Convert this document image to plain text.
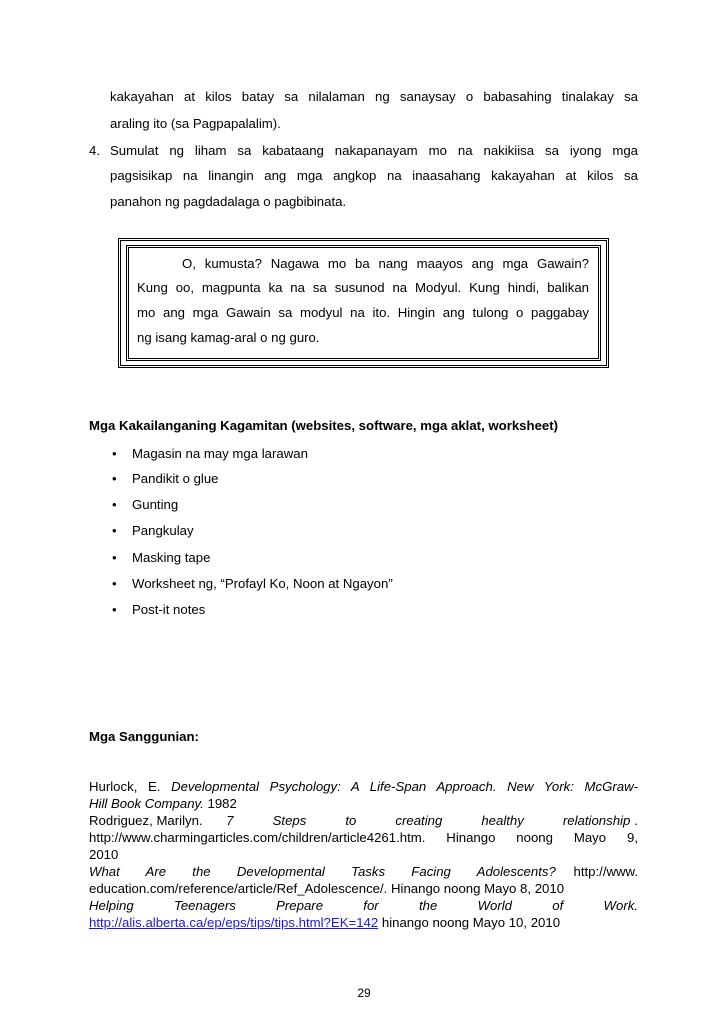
kakayahan at kilos batay sa nilalaman ng sanaysay o babasahing tinalakay sa
araling ito (sa Pagpapalalim).
4. Sumulat ng liham sa kabataang nakapanayam mo na nakikiisa sa iyong mga
pagsisikap na linangin ang mga angkop na inaasahang kakayahan at kilos sa
panahon ng pagdadalaga o pagbibinata.
O, kumusta? Nagawa mo ba nang maayos ang mga Gawain?
Kung oo, magpunta ka na sa susunod na Modyul. Kung hindi, balikan
mo ang mga Gawain sa modyul na ito. Hingin ang tulong o paggabay
ng isang kamag-aral o ng guro.
Mga Kakailanganing Kagamitan (websites, software, mga aklat, worksheet)
• Magasin na may mga larawan
• Pandikit o glue
• Gunting
• Pangkulay
• Masking tape
• Worksheet ng, “Profayl Ko, Noon at Ngayon”
• Post-it notes
Mga Sanggunian:
Hurlock, E. Developmental Psychology: A Life-Span Approach. New York: McGraw-
Hill Book Company. 1982
Rodriguez, Marilyn. 7 Steps to creating healthy relationship .
http://www.charmingarticles.com/children/article4261.htm. Hinango noong Mayo 9,
2010
What Are the Developmental Tasks Facing Adolescents?	http://www.
education.com/reference/article/Ref_Adolescence/. Hinango noong Mayo 8, 2010
Helping Teenagers Prepare for the World of Work.
http://alis.alberta.ca/ep/eps/tips/tips.html?EK=142 hinango noong Mayo 10, 2010
29
